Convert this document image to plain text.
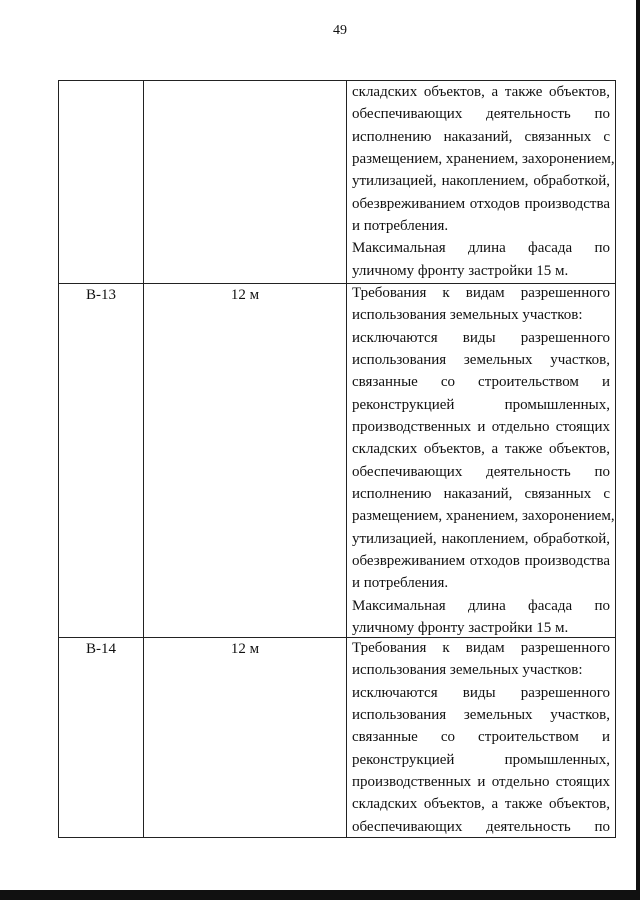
49
складских объектов, а также объектов,
обеспечивающих деятельность по
исполнению наказаний, связанных с
размещением, хранением, захоронением,
утилизацией, накоплением, обработкой,
обезвреживанием отходов производства
и потребления.
Максимальная длина фасада по
уличному фронту застройки 15 м.
В-13	12 м	Требования к видам разрешенного
использования земельных участков:
исключаются виды разрешенного
использования земельных участков,
связанные со строительством и
реконструкцией промышленных,
производственных и отдельно стоящих
складских объектов, а также объектов,
обеспечивающих деятельность по
исполнению наказаний, связанных с
размещением, хранением, захоронением,
утилизацией, накоплением, обработкой,
обезвреживанием отходов производства
и потребления.
Максимальная длина фасада по
уличному фронту застройки 15 м.
В-14	12 м	Требования к видам разрешенного
использования земельных участков:
исключаются виды разрешенного
использования земельных участков,
связанные со строительством и
реконструкцией промышленных,
производственных и отдельно стоящих
складских объектов, а также объектов,
обеспечивающих деятельность по
